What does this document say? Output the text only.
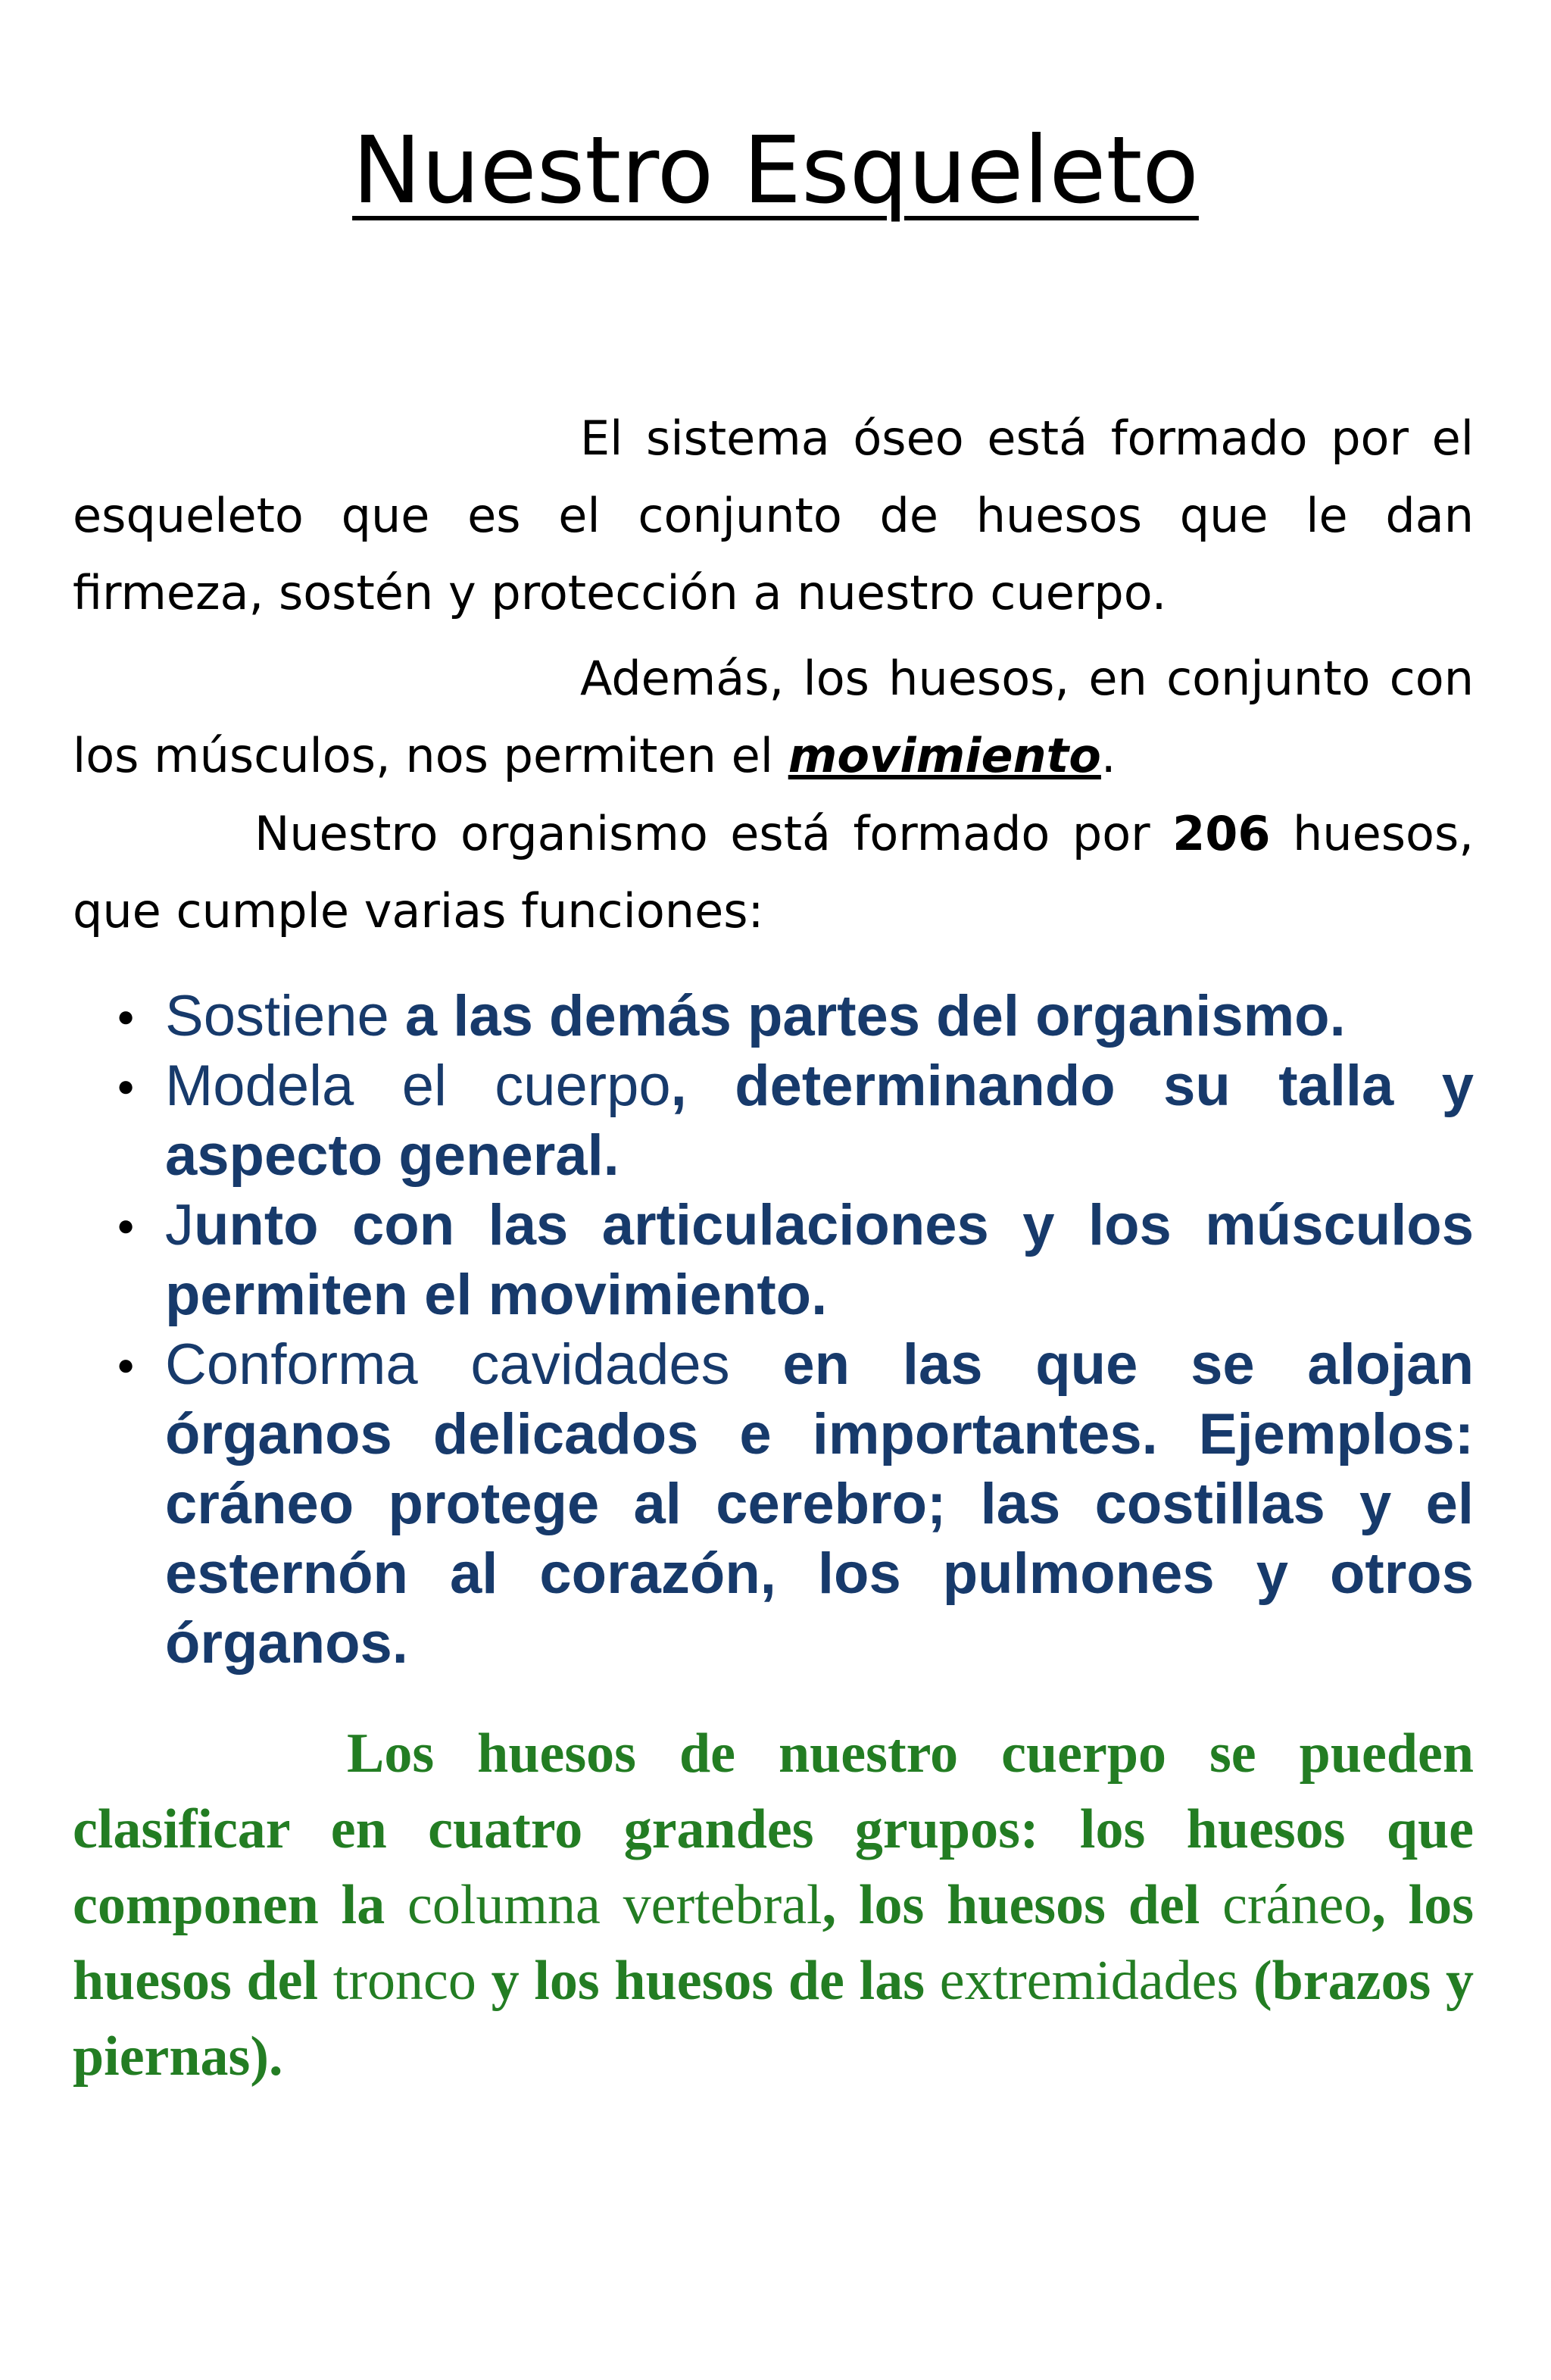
Nuestro Esqueleto

El sistema óseo está formado por el esqueleto que es el conjunto de huesos que le dan firmeza, sostén y protección a nuestro cuerpo.

Además, los huesos, en conjunto con los músculos, nos permiten el movimiento.

Nuestro organismo está formado por 206 huesos, que cumple varias funciones:

● Sostiene a las demás partes del organismo.
● Modela el cuerpo, determinando su talla y aspecto general.
● Junto con las articulaciones y los músculos permiten el movimiento.
● Conforma cavidades en las que se alojan órganos delicados e importantes. Ejemplos: cráneo protege al cerebro; las costillas y el esternón al corazón, los pulmones y otros órganos.

Los huesos de nuestro cuerpo se pueden clasificar en cuatro grandes grupos: los huesos que componen la columna vertebral, los huesos del cráneo, los huesos del tronco y los huesos de las extremidades (brazos y piernas).
